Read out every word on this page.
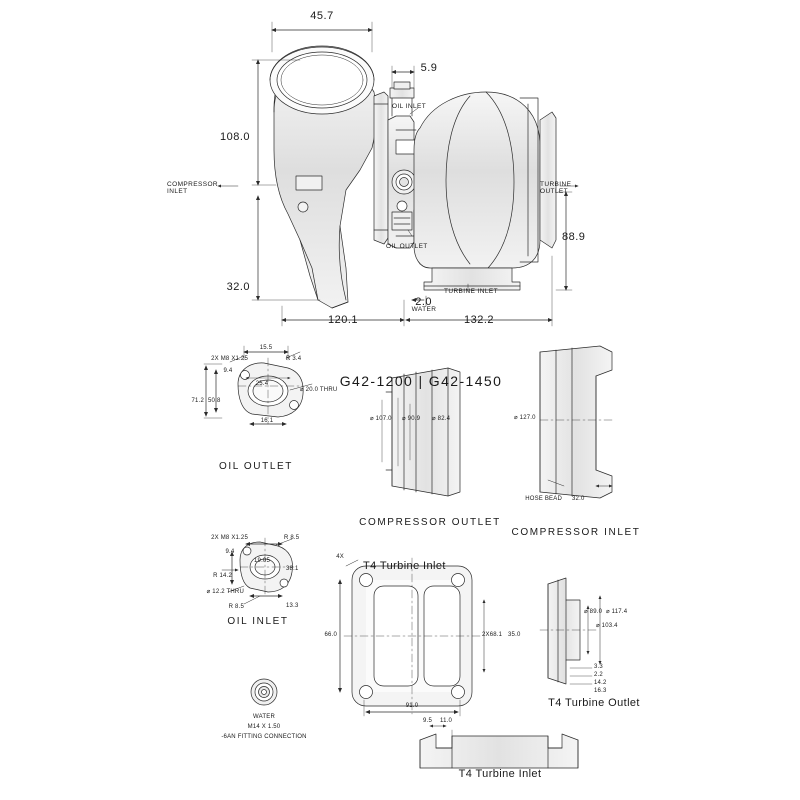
G42-1200 | G42-1450
45.7
5.9
108.0
32.0
120.1	132.2
88.9
2.0
COMPRESSOR
INLET
OIL INLET
OIL OUTLET
TURBINE
OUTLET
TURBINE INLET
WATER
OIL OUTLET
2X M8 X1.25
15.5
R 3.4
25.4
9.4
71.2 50.8
⌀ 20.0 THRU
16.1
OIL INLET
2X M8 X1.25	R 8.5
19.05
9.4
38.1
R 14.2
⌀ 12.2 THRU
R 8.5	13.3
WATER
M14 X 1.50
-6AN FITTING CONNECTION
COMPRESSOR OUTLET
⌀ 107.0 ⌀ 90.9 ⌀ 82.4
COMPRESSOR INLET
⌀ 127.0
HOSE BEAD 32.0
T4 Turbine Inlet
4X
66.0
91.0
2X68.1 35.0
T4 Turbine Outlet
⌀ 89.0 ⌀ 117.4
⌀ 103.4
3.3
2.2
14.2
16.3
T4 Turbine Inlet
9.5 11.0
